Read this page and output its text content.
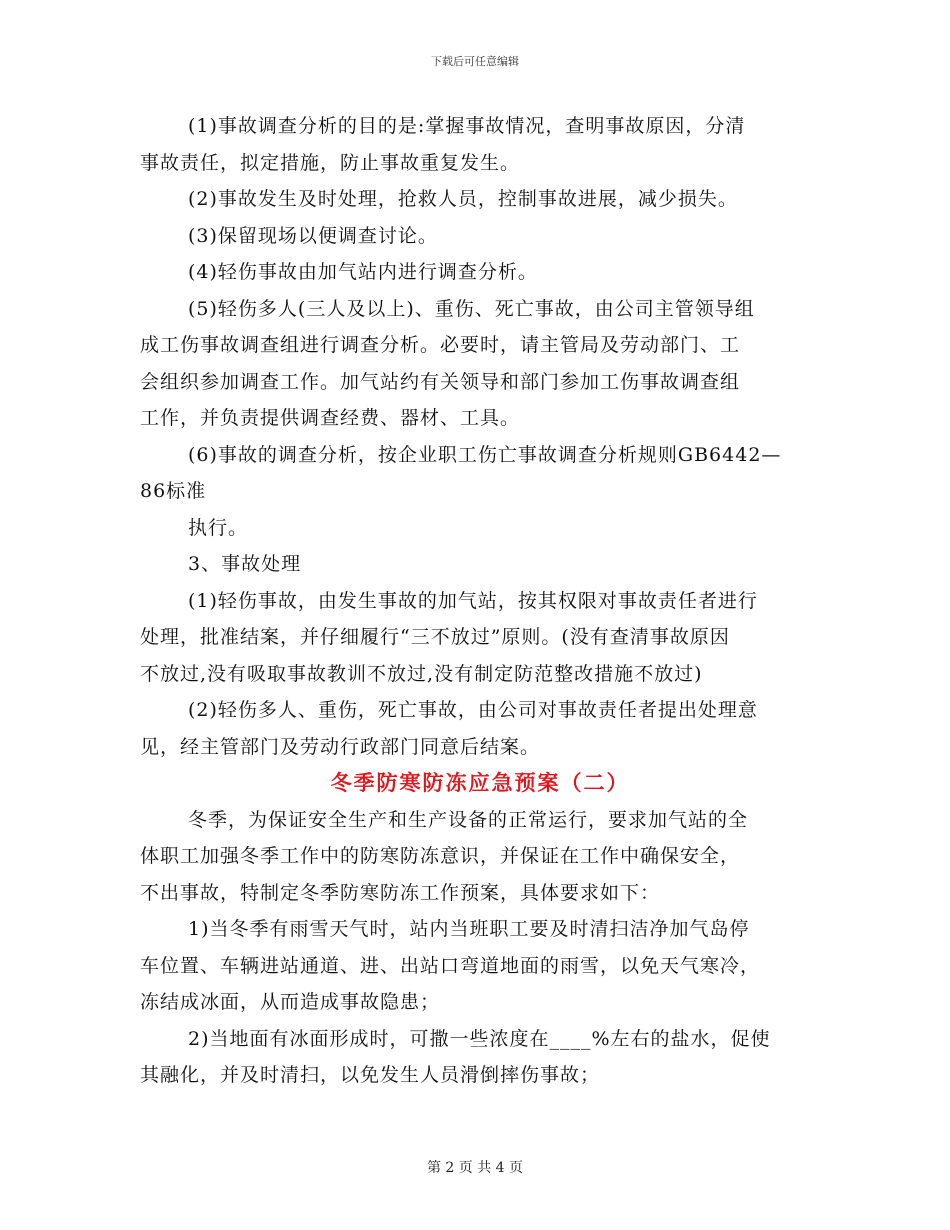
下载后可任意编辑

(1)事故调查分析的目的是:掌握事故情况，查明事故原因，分清

事故责任，拟定措施，防止事故重复发生。

(2)事故发生及时处理，抢救人员，控制事故进展，减少损失。

(3)保留现场以便调查讨论。

(4)轻伤事故由加气站内进行调查分析。

(5)轻伤多人(三人及以上)、重伤、死亡事故，由公司主管领导组

成工伤事故调查组进行调查分析。必要时，请主管局及劳动部门、工

会组织参加调查工作。加气站约有关领导和部门参加工伤事故调查组

工作，并负责提供调查经费、器材、工具。

(6)事故的调查分析，按企业职工伤亡事故调查分析规则GB6442—

86标准

执行。

3、事故处理

(1)轻伤事故，由发生事故的加气站，按其权限对事故责任者进行

处理，批准结案，并仔细履行“三不放过”原则。(没有查清事故原因

不放过,没有吸取事故教训不放过,没有制定防范整改措施不放过)

(2)轻伤多人、重伤，死亡事故，由公司对事故责任者提出处理意

见，经主管部门及劳动行政部门同意后结案。

冬季防寒防冻应急预案（二）

冬季，为保证安全生产和生产设备的正常运行，要求加气站的全

体职工加强冬季工作中的防寒防冻意识，并保证在工作中确保安全，

不出事故，特制定冬季防寒防冻工作预案，具体要求如下：

1)当冬季有雨雪天气时，站内当班职工要及时清扫洁净加气岛停

车位置、车辆进站通道、进、出站口弯道地面的雨雪，以免天气寒冷，

冻结成冰面，从而造成事故隐患；

2)当地面有冰面形成时，可撒一些浓度在____%左右的盐水，促使

其融化，并及时清扫，以免发生人员滑倒摔伤事故；

第 2 页 共 4 页
